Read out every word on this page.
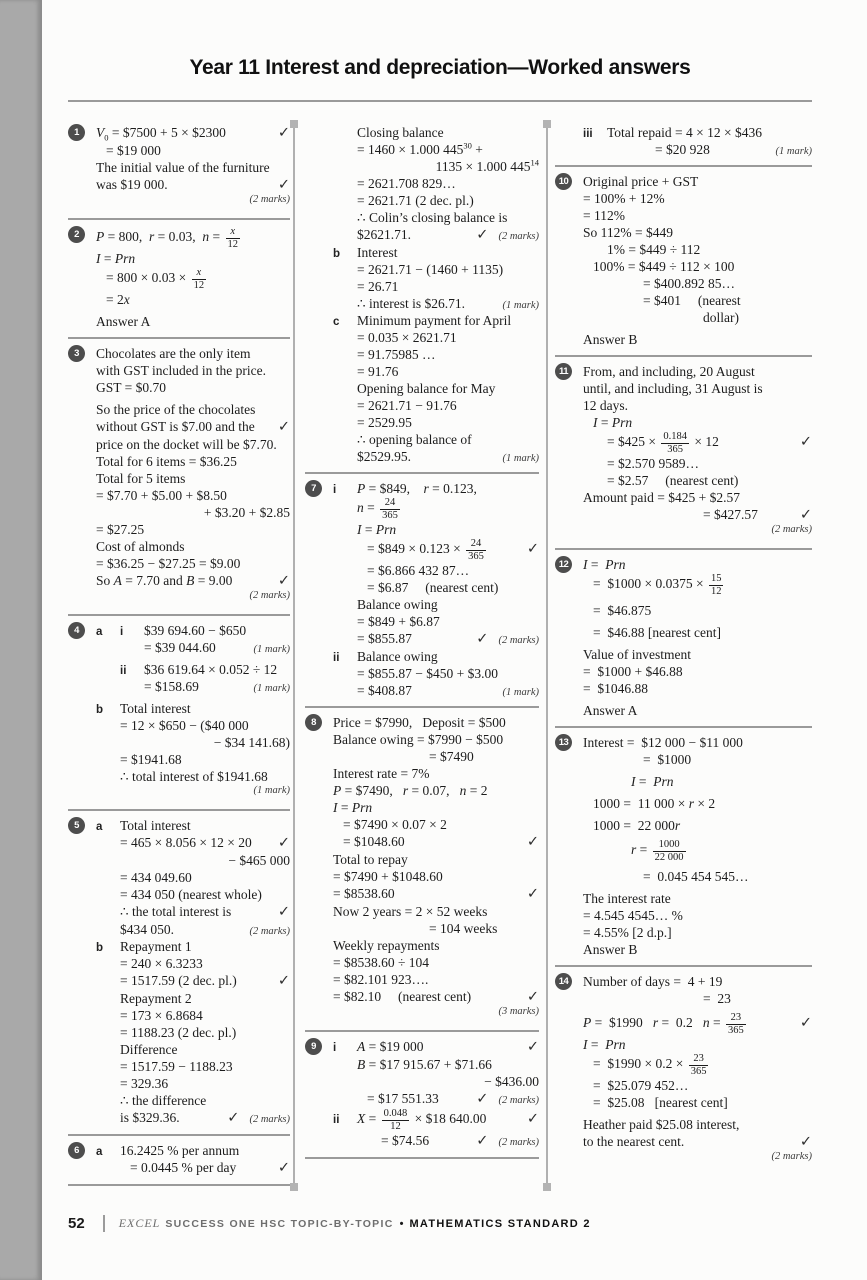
Year 11 Interest and depreciation—Worked answers
1	$V_0$ = $7500 + 5 × $2300	✓
= $19 000
The initial value of the furniture
was $19 000.	✓
(2 marks)
2	P = 800,  r = 0.03,  $n = \frac{x}{12}$
I = Prn
= $800 \times 0.03 \times \frac{x}{12}$
= 2x
Answer A
3	Chocolates are the only item
with GST included in the price.
GST = $0.70
So the price of the chocolates
without GST is $7.00 and the ✓
price on the docket will be $7.70.
Total for 6 items = $36.25
Total for 5 items
= $7.70 + $5.00 + $8.50
+ $3.20 + $2.85
= $27.25
Cost of almonds
= $36.25 − $27.25 = $9.00
So A = 7.70 and B = 9.00	✓
(2 marks)
4	a	i	$39 694.60 − $650
= $39 044.60	(1 mark)
ii	$36 619.64 × 0.052 ÷ 12
= $158.69	(1 mark)
b	Total interest
= 12 × $650 − ($40 000
− $34 141.68)
= $1941.68
∴ total interest of $1941.68
(1 mark)
5	a	Total interest
= 465 × 8.056 × 12 × 20 ✓
− $465 000
= 434 049.60
= 434 050 (nearest whole)
∴ the total interest is	✓
$434 050.	(2 marks)
b	Repayment 1
= 240 × 6.3233
= 1517.59 (2 dec. pl.)	✓
Repayment 2
= 173 × 6.8684
= 1188.23 (2 dec. pl.)
Difference
= 1517.59 − 1188.23
= 329.36
∴ the difference
is $329.36.	✓ (2 marks)
6	a	16.2425 % per annum
= 0.0445 % per day	✓
Closing balance
= 1460 × 1.000 $445^{30}$ +
1135 × 1.000 $445^{14}$
= 2621.708 829…
= 2621.71 (2 dec. pl.)
∴ Colin’s closing balance is
$2621.71.	✓ (2 marks)
b	Interest
= 2621.71 − (1460 + 1135)
= 26.71
∴ interest is $26.71.	(1 mark)
c	Minimum payment for April
= 0.035 × 2621.71
= 91.75985 …
= 91.76
Opening balance for May
= 2621.71 − 91.76
= 2529.95
∴ opening balance of
$2529.95.	(1 mark)
7	i	P = $849,    r = 0.123,
$n = \frac{24}{365}$
I = Prn
= $849 × $0.123 \times \frac{24}{365}$	✓
= $6.866 432 87…
= $6.87     (nearest cent)
Balance owing
= $849 + $6.87
= $855.87	✓ (2 marks)
ii	Balance owing
= $855.87 − $450 + $3.00
= $408.87	(1 mark)
8	Price = $7990,   Deposit = $500
Balance owing = $7990 − $500
= $7490
Interest rate = 7%
P = $7490,   r = 0.07,   n = 2
I = Prn
= $7490 × 0.07 × 2
= $1048.60	✓
Total to repay
= $7490 + $1048.60
= $8538.60	✓
Now 2 years = 2 × 52 weeks
= 104 weeks
Weekly repayments
= $8538.60 ÷ 104
= $82.101 923….
= $82.10     (nearest cent)	✓
(3 marks)
9	i	A = $19 000	✓
B = $17 915.67 + $71.66
− $436.00
= $17 551.33	✓ (2 marks)
ii	$X = \frac{0.048}{12}$ × $18 640.00	✓
= $74.56	✓ (2 marks)
iii	Total repaid = 4 × 12 × $436
= $20 928	(1 mark)
10 Original price + GST
= 100% + 12%
= 112%
So 112% = $449
1% = $449 ÷ 112
100% = $449 ÷ 112 × 100
= $400.892 85…
= $401     (nearest
dollar)
Answer B
11 From, and including, 20 August
until, and including, 31 August is
12 days.
I = Prn
= $425 × $\frac{0.184}{365} \times 12$	✓
= $2.570 9589…
= $2.57     (nearest cent)
Amount paid = $425 + $2.57
= $427.57	✓
(2 marks)
12 I =  Prn
=  $1000 × $0.0375 \times \frac{15}{12}$
=  $46.875
=  $46.88 [nearest cent]
Value of investment
=  $1000 + $46.88
=  $1046.88
Answer A
13 Interest =  $12 000 − $11 000
=  $1000
I =  Prn
1000 =  11 000 × r × 2
1000 =  22 000r
$r = \frac{1000}{22 000}$
=  0.045 454 545…
The interest rate
= 4.545 4545… %
= 4.55% [2 d.p.]
Answer B
14 Number of days =  4 + 19
=  23
P =  $1990   r =  0.2   $n = \frac{23}{365}$	✓
I =  Prn
=  $1990 × $0.2 \times \frac{23}{365}$
=  $25.079 452…
=  $25.08   [nearest cent]
Heather paid $25.08 interest,
to the nearest cent.	✓
(2 marks)
52	EXCEL SUCCESS ONE HSC TOPIC-BY-TOPIC • MATHEMATICS STANDARD 2
